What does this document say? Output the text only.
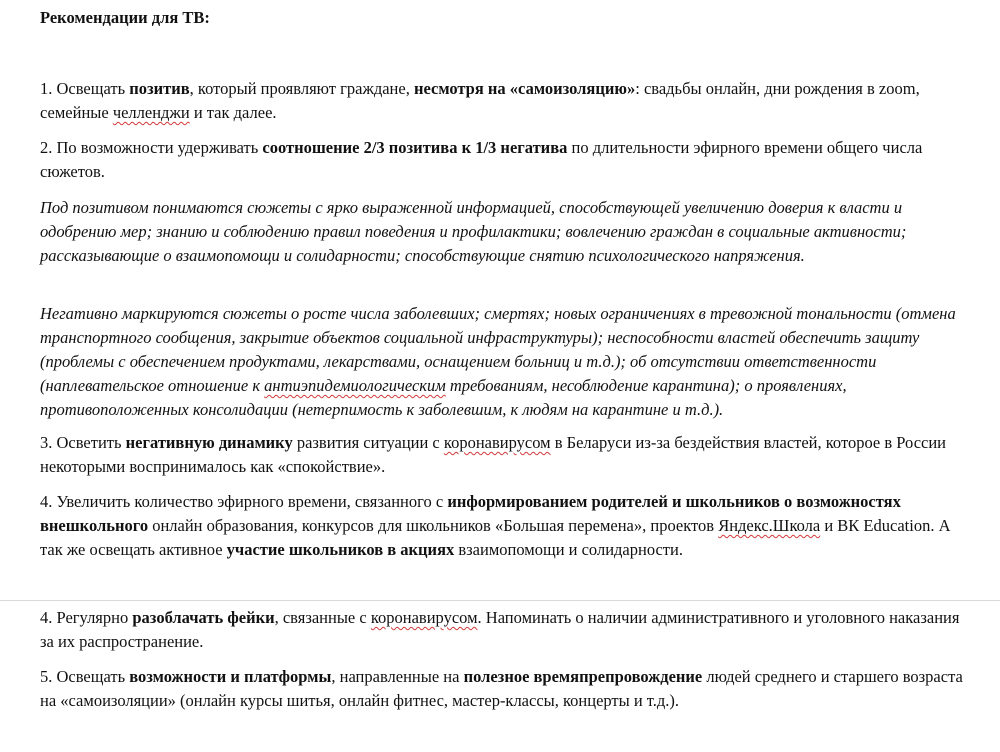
Рекомендации для ТВ:

1. Освещать позитив, который проявляют граждане, несмотря на «самоизоляцию»: свадьбы онлайн, дни рождения в zoom, семейные челленджи и так далее.

2. По возможности удерживать соотношение 2/3 позитива к 1/3 негатива по длительности эфирного времени общего числа сюжетов.

Под позитивом понимаются сюжеты с ярко выраженной информацией, способствующей увеличению доверия к власти и одобрению мер; знанию и соблюдению правил поведения и профилактики; вовлечению граждан в социальные активности; рассказывающие о взаимопомощи и солидарности; способствующие снятию психологического напряжения.

Негативно маркируются сюжеты о росте числа заболевших; смертях; новых ограничениях в тревожной тональности (отмена транспортного сообщения, закрытие объектов социальной инфраструктуры); неспособности властей обеспечить защиту (проблемы с обеспечением продуктами, лекарствами, оснащением больниц и т.д.); об отсутствии ответственности (наплевательское отношение к антиэпидемиологическим требованиям, несоблюдение карантина); о проявлениях, противоположенных консолидации (нетерпимость к заболевшим, к людям на карантине и т.д.).

3. Осветить негативную динамику развития ситуации с коронавирусом в Беларуси из-за бездействия властей, которое в России некоторыми воспринималось как «спокойствие».

4. Увеличить количество эфирного времени, связанного с информированием родителей и школьников о возможностях внешкольного онлайн образования, конкурсов для школьников «Большая перемена», проектов Яндекс.Школа и ВК Education. А так же освещать активное участие школьников в акциях взаимопомощи и солидарности.

4. Регулярно разоблачать фейки, связанные с коронавирусом. Напоминать о наличии административного и уголовного наказания за их распространение.

5. Освещать возможности и платформы, направленные на полезное времяпрепровождение людей среднего и старшего возраста на «самоизоляции» (онлайн курсы шитья, онлайн фитнес, мастер-классы, концерты и т.д.).
